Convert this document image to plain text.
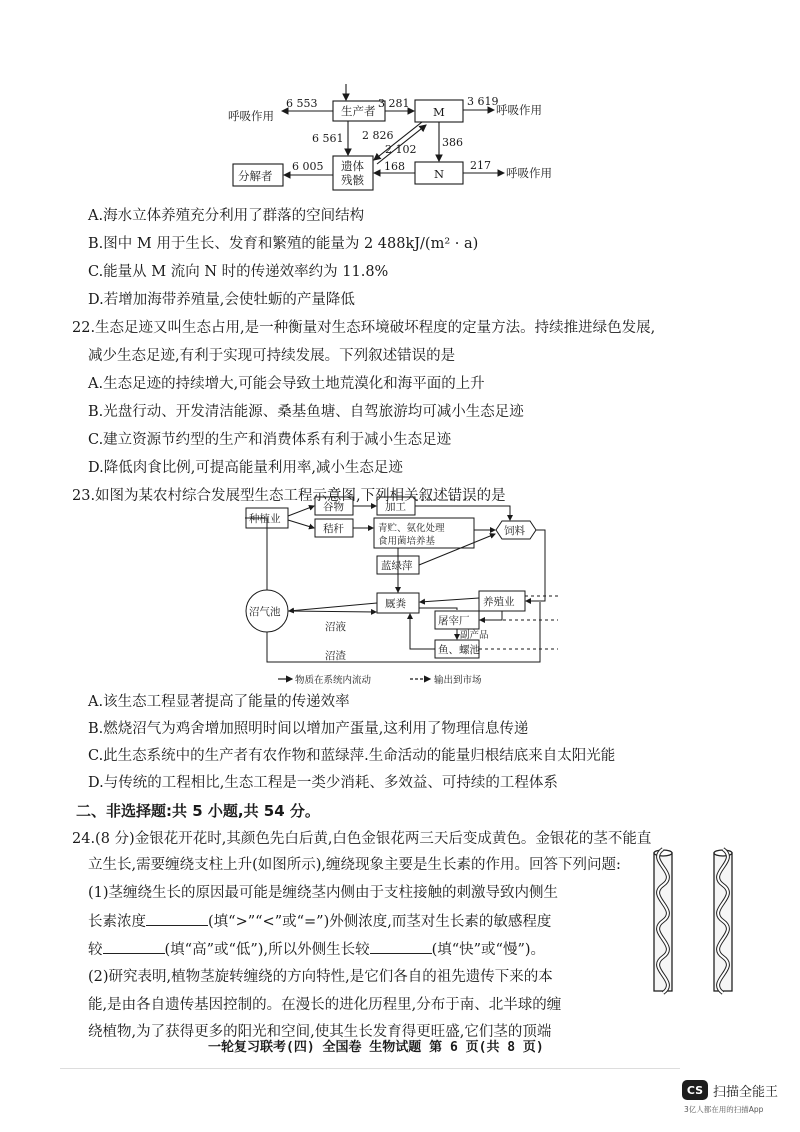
生产者	M
N
遗体
残骸
分解者
呼吸作用	呼吸作用
呼吸作用
6 553	3 281	3 619
6 561 2 826
2 102
386
6 005	168	217
A.海水立体养殖充分利用了群落的空间结构
B.图中 M 用于生长、发育和繁殖的能量为 2 488kJ/(m² · a)
C.能量从 M 流向 N 时的传递效率约为 11.8%
D.若增加海带养殖量,会使牡蛎的产量降低
22.生态足迹又叫生态占用,是一种衡量对生态环境破坏程度的定量方法。持续推进绿色发展,
减少生态足迹,有利于实现可持续发展。下列叙述错误的是
A.生态足迹的持续增大,可能会导致土地荒漠化和海平面的上升
B.光盘行动、开发清洁能源、桑基鱼塘、自驾旅游均可减小生态足迹
C.建立资源节约型的生产和消费体系有利于减小生态足迹
D.降低肉食比例,可提高能量利用率,减小生态足迹
23.如图为某农村综合发展型生态工程示意图,下列相关叙述错误的是
种植业
谷物	加工
秸秆	青贮、氨化处理
食用菌培养基
饲料
蓝绿萍
沼气池
沼液
厩粪	养殖业
屠宰厂
副产品
沼渣	鱼、螺池
物质在系统内流动	输出到市场
A.该生态工程显著提高了能量的传递效率
B.燃烧沼气为鸡舍增加照明时间以增加产蛋量,这利用了物理信息传递
C.此生态系统中的生产者有农作物和蓝绿萍.生命活动的能量归根结底来自太阳光能
D.与传统的工程相比,生态工程是一类少消耗、多效益、可持续的工程体系
二、非选择题:共 5 小题,共 54 分。
24.(8 分)金银花开花时,其颜色先白后黄,白色金银花两三天后变成黄色。金银花的茎不能直
立生长,需要缠绕支柱上升(如图所示),缠绕现象主要是生长素的作用。回答下列问题:
(1)茎缠绕生长的原因最可能是缠绕茎内侧由于支柱接触的刺激导致内侧生
长素浓度	(填“>”“<”或“=”)外侧浓度,而茎对生长素的敏感程度
较	(填“高”或“低”),所以外侧生长较	(填“快”或“慢”)。
(2)研究表明,植物茎旋转缠绕的方向特性,是它们各自的祖先遗传下来的本
能,是由各自遗传基因控制的。在漫长的进化历程里,分布于南、北半球的缠
绕植物,为了获得更多的阳光和空间,使其生长发育得更旺盛,它们茎的顶端
一轮复习联考(四) 全国卷 生物试题 第 6 页(共 8 页)
CS 扫描全能王
3亿人都在用的扫描App
